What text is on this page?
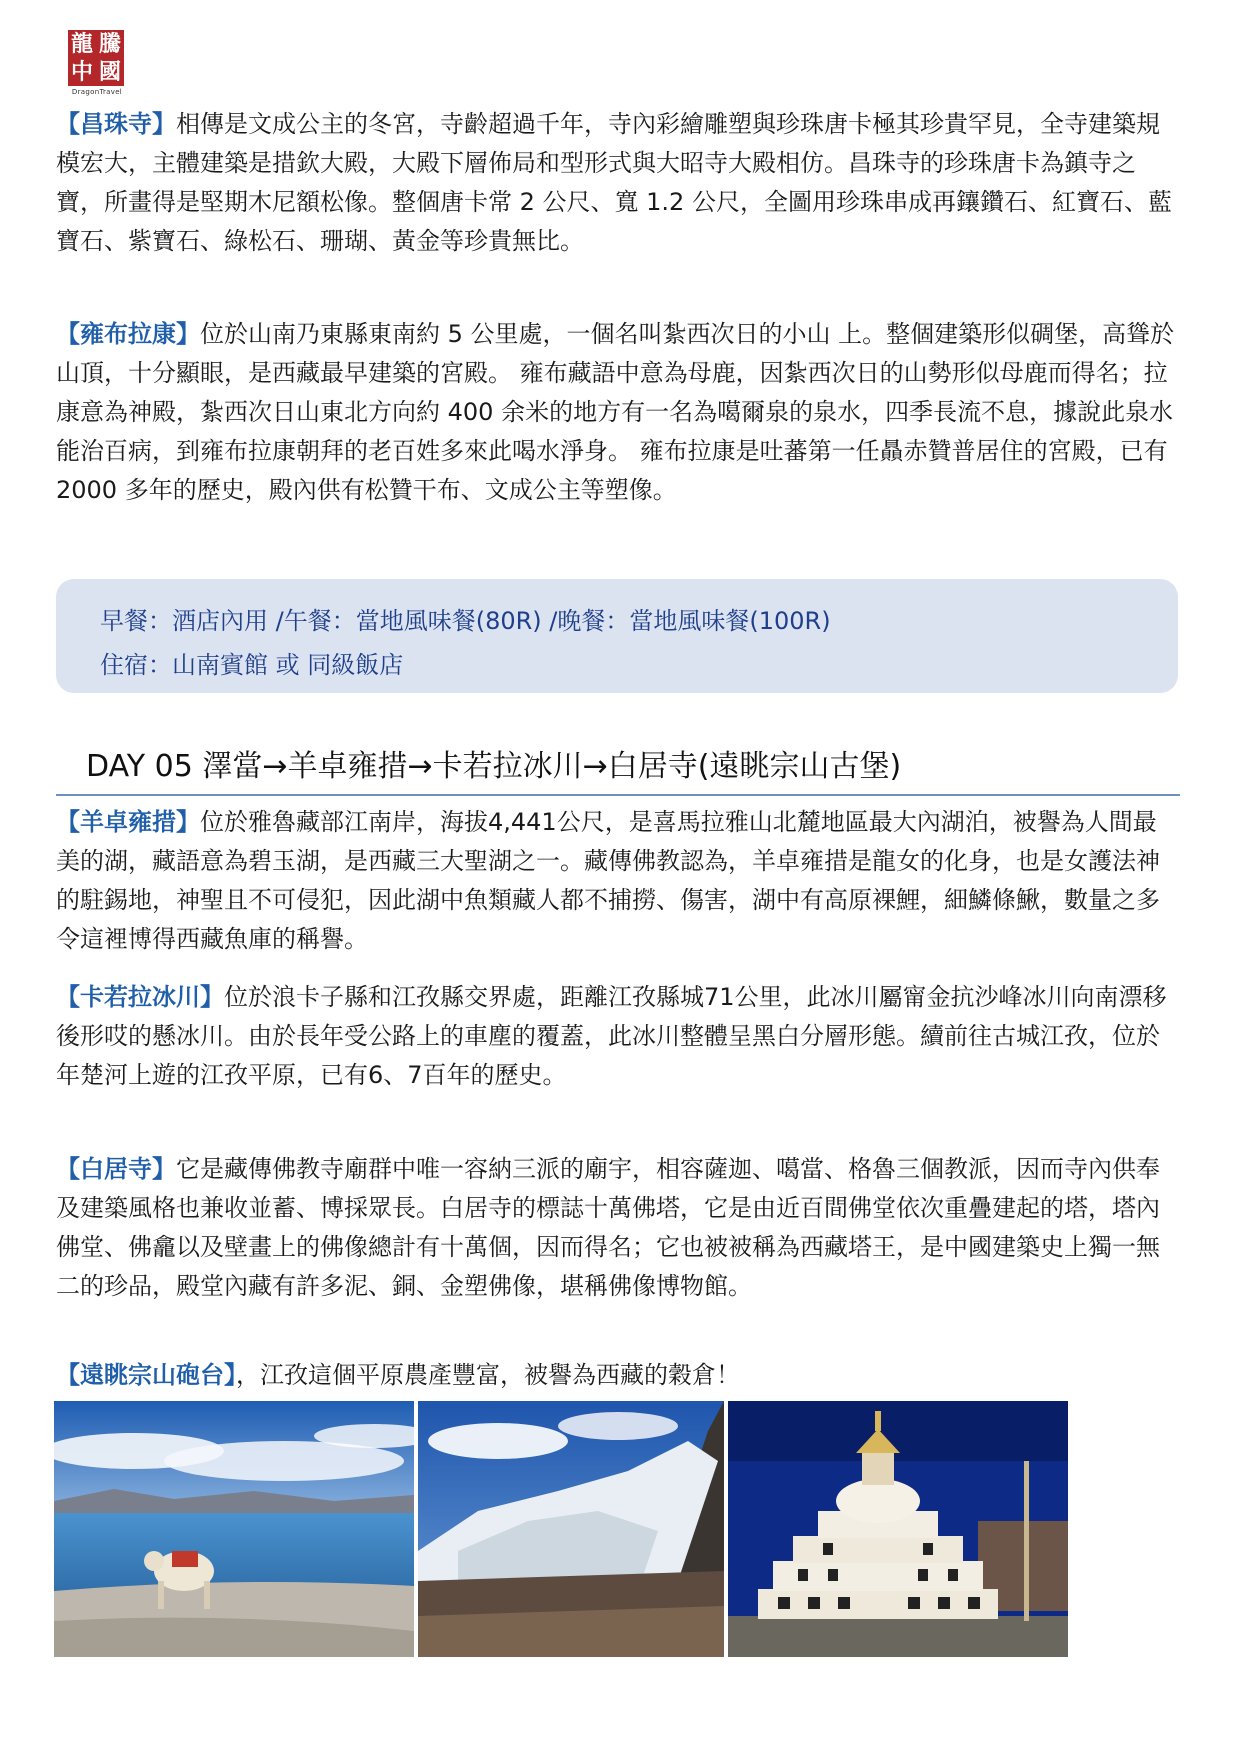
龍 騰
中 國
DragonTravel
【昌珠寺】相傳是文成公主的冬宮，寺齡超過千年，寺內彩繪雕塑與珍珠唐卡極其珍貴罕見，全寺建築規模宏大，主體建築是措欽大殿，大殿下層佈局和型形式與大昭寺大殿相仿。昌珠寺的珍珠唐卡為鎮寺之寶，所畫得是堅期木尼額松像。整個唐卡常 2 公尺、寬 1.2 公尺，全圖用珍珠串成再鑲鑽石、紅寶石、藍寶石、紫寶石、綠松石、珊瑚、黃金等珍貴無比。
【雍布拉康】位於山南乃東縣東南約 5 公里處，一個名叫紮西次日的小山 上。整個建築形似碉堡，高聳於山頂，十分顯眼，是西藏最早建築的宮殿。 雍布藏語中意為母鹿，因紮西次日的山勢形似母鹿而得名；拉康意為神殿，紮西次日山東北方向約 400 余米的地方有一名為噶爾泉的泉水，四季長流不息，據說此泉水能治百病，到雍布拉康朝拜的老百姓多來此喝水淨身。 雍布拉康是吐蕃第一任贔赤贊普居住的宮殿，已有 2000 多年的歷史，殿內供有松贊干布、文成公主等塑像。
早餐：酒店內用 /午餐：當地風味餐(80R) /晚餐：當地風味餐(100R)
住宿：山南賓館 或 同級飯店
DAY 05 澤當→羊卓雍措→卡若拉冰川→白居寺(遠眺宗山古堡)
【羊卓雍措】位於雅魯藏部江南岸，海拔4,441公尺，是喜馬拉雅山北麓地區最大內湖泊，被譽為人間最美的湖，藏語意為碧玉湖，是西藏三大聖湖之一。藏傳佛教認為，羊卓雍措是龍女的化身，也是女護法神的駐錫地，神聖且不可侵犯，因此湖中魚類藏人都不捕撈、傷害，湖中有高原裸鯉，細鱗條鰍，數量之多令這裡博得西藏魚庫的稱譽。
【卡若拉冰川】位於浪卡子縣和江孜縣交界處，距離江孜縣城71公里，此冰川屬甯金抗沙峰冰川向南漂移後形哎的懸冰川。由於長年受公路上的車塵的覆蓋，此冰川整體呈黑白分層形態。續前往古城江孜，位於年楚河上遊的江孜平原，已有6、7百年的歷史。
【白居寺】它是藏傳佛教寺廟群中唯一容納三派的廟宇，相容薩迦、噶當、格魯三個教派，因而寺內供奉及建築風格也兼收並蓄、博採眾長。白居寺的標誌十萬佛塔，它是由近百間佛堂依次重疊建起的塔，塔內佛堂、佛龕以及壁畫上的佛像總計有十萬個，因而得名；它也被被稱為西藏塔王，是中國建築史上獨一無二的珍品，殿堂內藏有許多泥、銅、金塑佛像，堪稱佛像博物館。
【遠眺宗山砲台】，江孜這個平原農產豐富，被譽為西藏的穀倉！
